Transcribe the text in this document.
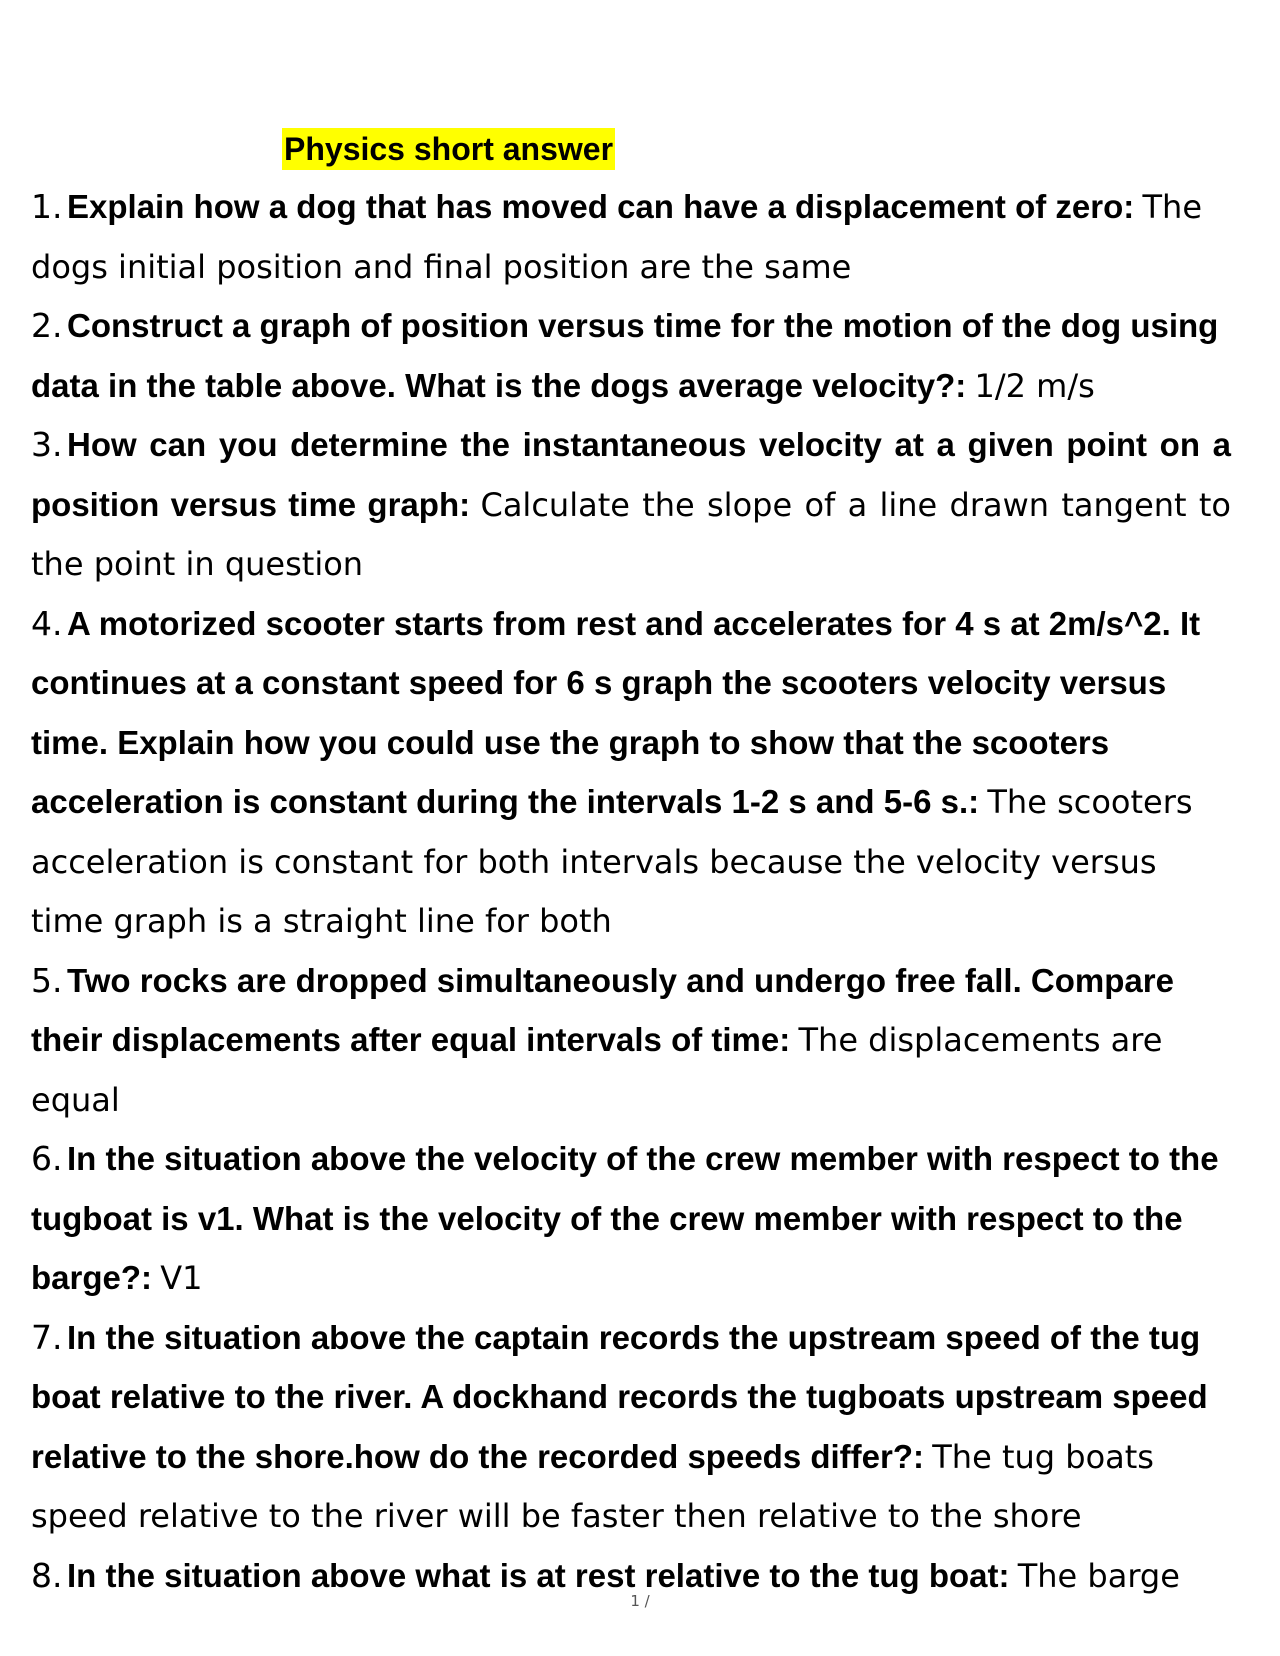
Physics short answer

1. Explain how a dog that has moved can have a displacement of zero: The dogs initial position and final position are the same

2. Construct a graph of position versus time for the motion of the dog using data in the table above. What is the dogs average velocity?: 1/2 m/s

3. How can you determine the instantaneous velocity at a given point on a position versus time graph: Calculate the slope of a line drawn tangent to the point in question

4. A motorized scooter starts from rest and accelerates for 4 s at 2m/s^2. It continues at a constant speed for 6 s graph the scooters velocity versus time. Explain how you could use the graph to show that the scooters acceleration is constant during the intervals 1-2 s and 5-6 s.: The scooters acceleration is constant for both intervals because the velocity versus time graph is a straight line for both

5. Two rocks are dropped simultaneously and undergo free fall. Compare their displacements after equal intervals of time: The displacements are equal

6. In the situation above the velocity of the crew member with respect to the tugboat is v1. What is the velocity of the crew member with respect to the barge?: V1

7. In the situation above the captain records the upstream speed of the tug boat relative to the river. A dockhand records the tugboats upstream speed relative to the shore.how do the recorded speeds differ?: The tug boats speed relative to the river will be faster then relative to the shore

8. In the situation above what is at rest relative to the tug boat: The barge

1 /
